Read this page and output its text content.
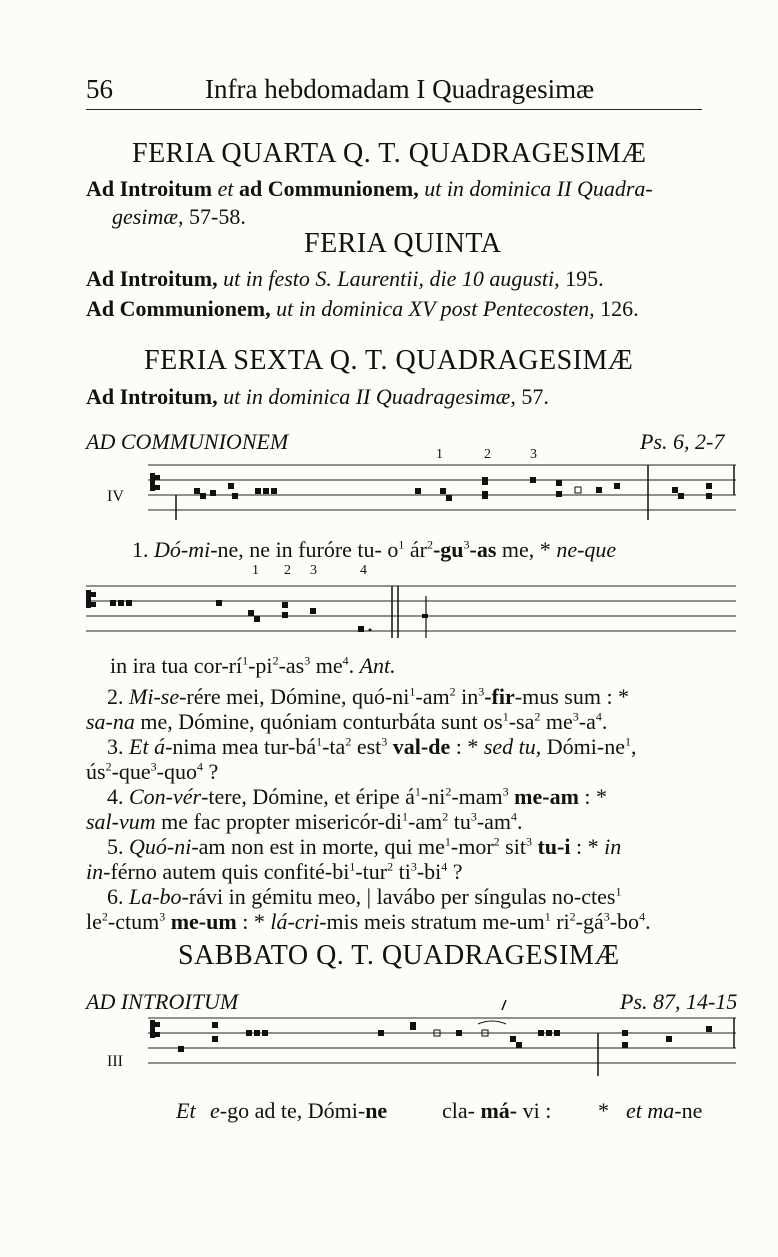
56	Infra hebdomadam I Quadragesimæ
FERIA QUARTA Q. T. QUADRAGESIMÆ
Ad Introitum et ad Communionem, ut in dominica II Quadra-
gesimæ, 57-58.
FERIA QUINTA
Ad Introitum, ut in festo S. Laurentii, die 10 augusti, 195.
Ad Communionem, ut in dominica XV post Pentecosten, 126.
FERIA SEXTA Q. T. QUADRAGESIMÆ
Ad Introitum, ut in dominica II Quadragesimæ, 57.
AD COMMUNIONEM	Ps. 6, 2-7
1	2	3
IV
1. Dó-mi-ne, ne in furóre tu- $o^1$ $ár^2-gu^3-as$ me, * ne-que
1 2 3	4
in ira tua cor-$rí^1-pi^2-as^3$ $me^4$. Ant.
2. Mi-se-rére mei, Dómine, quó-$ni^1-am^2$ $in^3-fir$-mus sum : *
sa-na me, Dómine, quóniam conturbáta sunt $os^1-sa^2$ $me^3-a^4$.
3. Et á-nima mea tur-$bá^1-ta^2$ est$^3$ val-de : * sed tu, Dómi-$ne^1$,
$ús^2-que^3-quo^4$ ?
4. Con-vér-tere, Dómine, et éripe $á^1-ni^2-mam^3$ me-am : *
sal-vum me fac propter misericór-$di^1-am^2$ $tu^3-am^4$.
5. Quó-ni-am non est in morte, qui $me^1-mor^2$ sit$^3$ tu-i : * in
in-férno autem quis confité-$bi^1-tur^2$ $ti^3-bi^4$ ?
6. La-bo-rávi in gémitu meo, | lavábo per síngulas no-ctes$^1$
$le^2-ctum^3$ me-um : * lá-cri-mis meis stratum $me-um^1$ $ri^2-gá^3-bo^4$.
SABBATO Q. T. QUADRAGESIMÆ
AD INTROITUM	Ps. 87, 14-15
III
Et e-go ad te, Dómi-ne cla- má- vi : * et ma-ne
